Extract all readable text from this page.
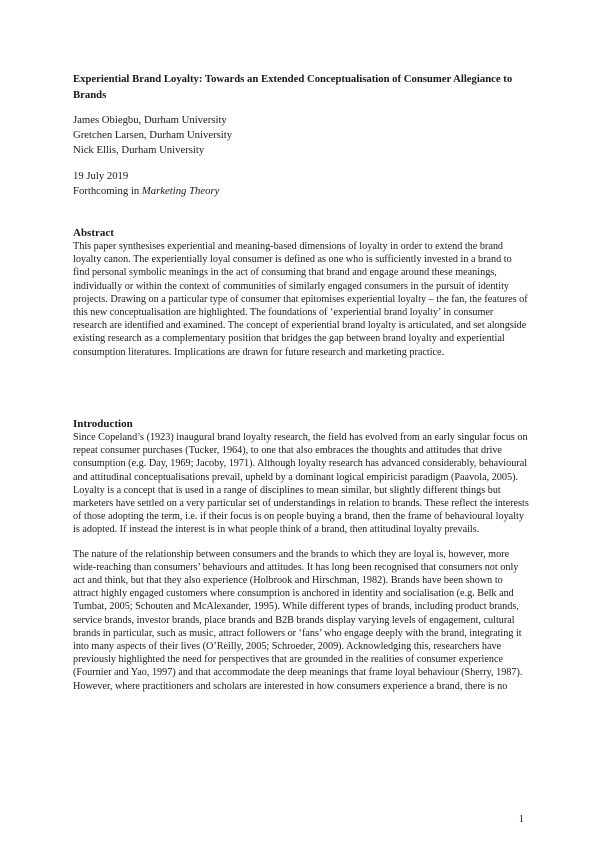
Experiential Brand Loyalty: Towards an Extended Conceptualisation of Consumer Allegiance to Brands
James Obiegbu, Durham University
Gretchen Larsen, Durham University
Nick Ellis, Durham University
19 July 2019
Forthcoming in Marketing Theory
Abstract

This paper synthesises experiential and meaning-based dimensions of loyalty in order to extend the brand loyalty canon. The experientially loyal consumer is defined as one who is sufficiently invested in a brand to find personal symbolic meanings in the act of consuming that brand and engage around these meanings, individually or within the context of communities of similarly engaged consumers in the pursuit of identity projects. Drawing on a particular type of consumer that epitomises experiential loyalty – the fan, the features of this new conceptualisation are highlighted. The foundations of ‘experiential brand loyalty’ in consumer research are identified and examined. The concept of experiential brand loyalty is articulated, and set alongside existing research as a complementary position that bridges the gap between brand loyalty and experiential consumption literatures. Implications are drawn for future research and marketing practice.

Introduction

Since Copeland’s (1923) inaugural brand loyalty research, the field has evolved from an early singular focus on repeat consumer purchases (Tucker, 1964), to one that also embraces the thoughts and attitudes that drive consumption (e.g. Day, 1969; Jacoby, 1971). Although loyalty research has advanced considerably, behavioural and attitudinal conceptualisations prevail, upheld by a dominant logical empiricist paradigm (Paavola, 2005). Loyalty is a concept that is used in a range of disciplines to mean similar, but slightly different things but marketers have settled on a very particular set of understandings in relation to brands. These reflect the interests of those adopting the term, i.e. if their focus is on people buying a brand, then the frame of behavioural loyalty is adopted. If instead the interest is in what people think of a brand, then attitudinal loyalty prevails.

The nature of the relationship between consumers and the brands to which they are loyal is, however, more wide-reaching than consumers’ behaviours and attitudes. It has long been recognised that consumers not only act and think, but that they also experience (Holbrook and Hirschman, 1982). Brands have been shown to attract highly engaged customers where consumption is anchored in identity and socialisation (e.g. Belk and Tumbat, 2005; Schouten and McAlexander, 1995). While different types of brands, including product brands, service brands, investor brands, place brands and B2B brands display varying levels of engagement, cultural brands in particular, such as music, attract followers or ‘fans’ who engage deeply with the brand, integrating it into many aspects of their lives (O’Reilly, 2005; Schroeder, 2009). Acknowledging this, researchers have previously highlighted the need for perspectives that are grounded in the realities of consumer experience (Fournier and Yao, 1997) and that accommodate the deep meanings that frame loyal behaviour (Sherry, 1987). However, where practitioners and scholars are interested in how consumers experience a brand, there is no

1
